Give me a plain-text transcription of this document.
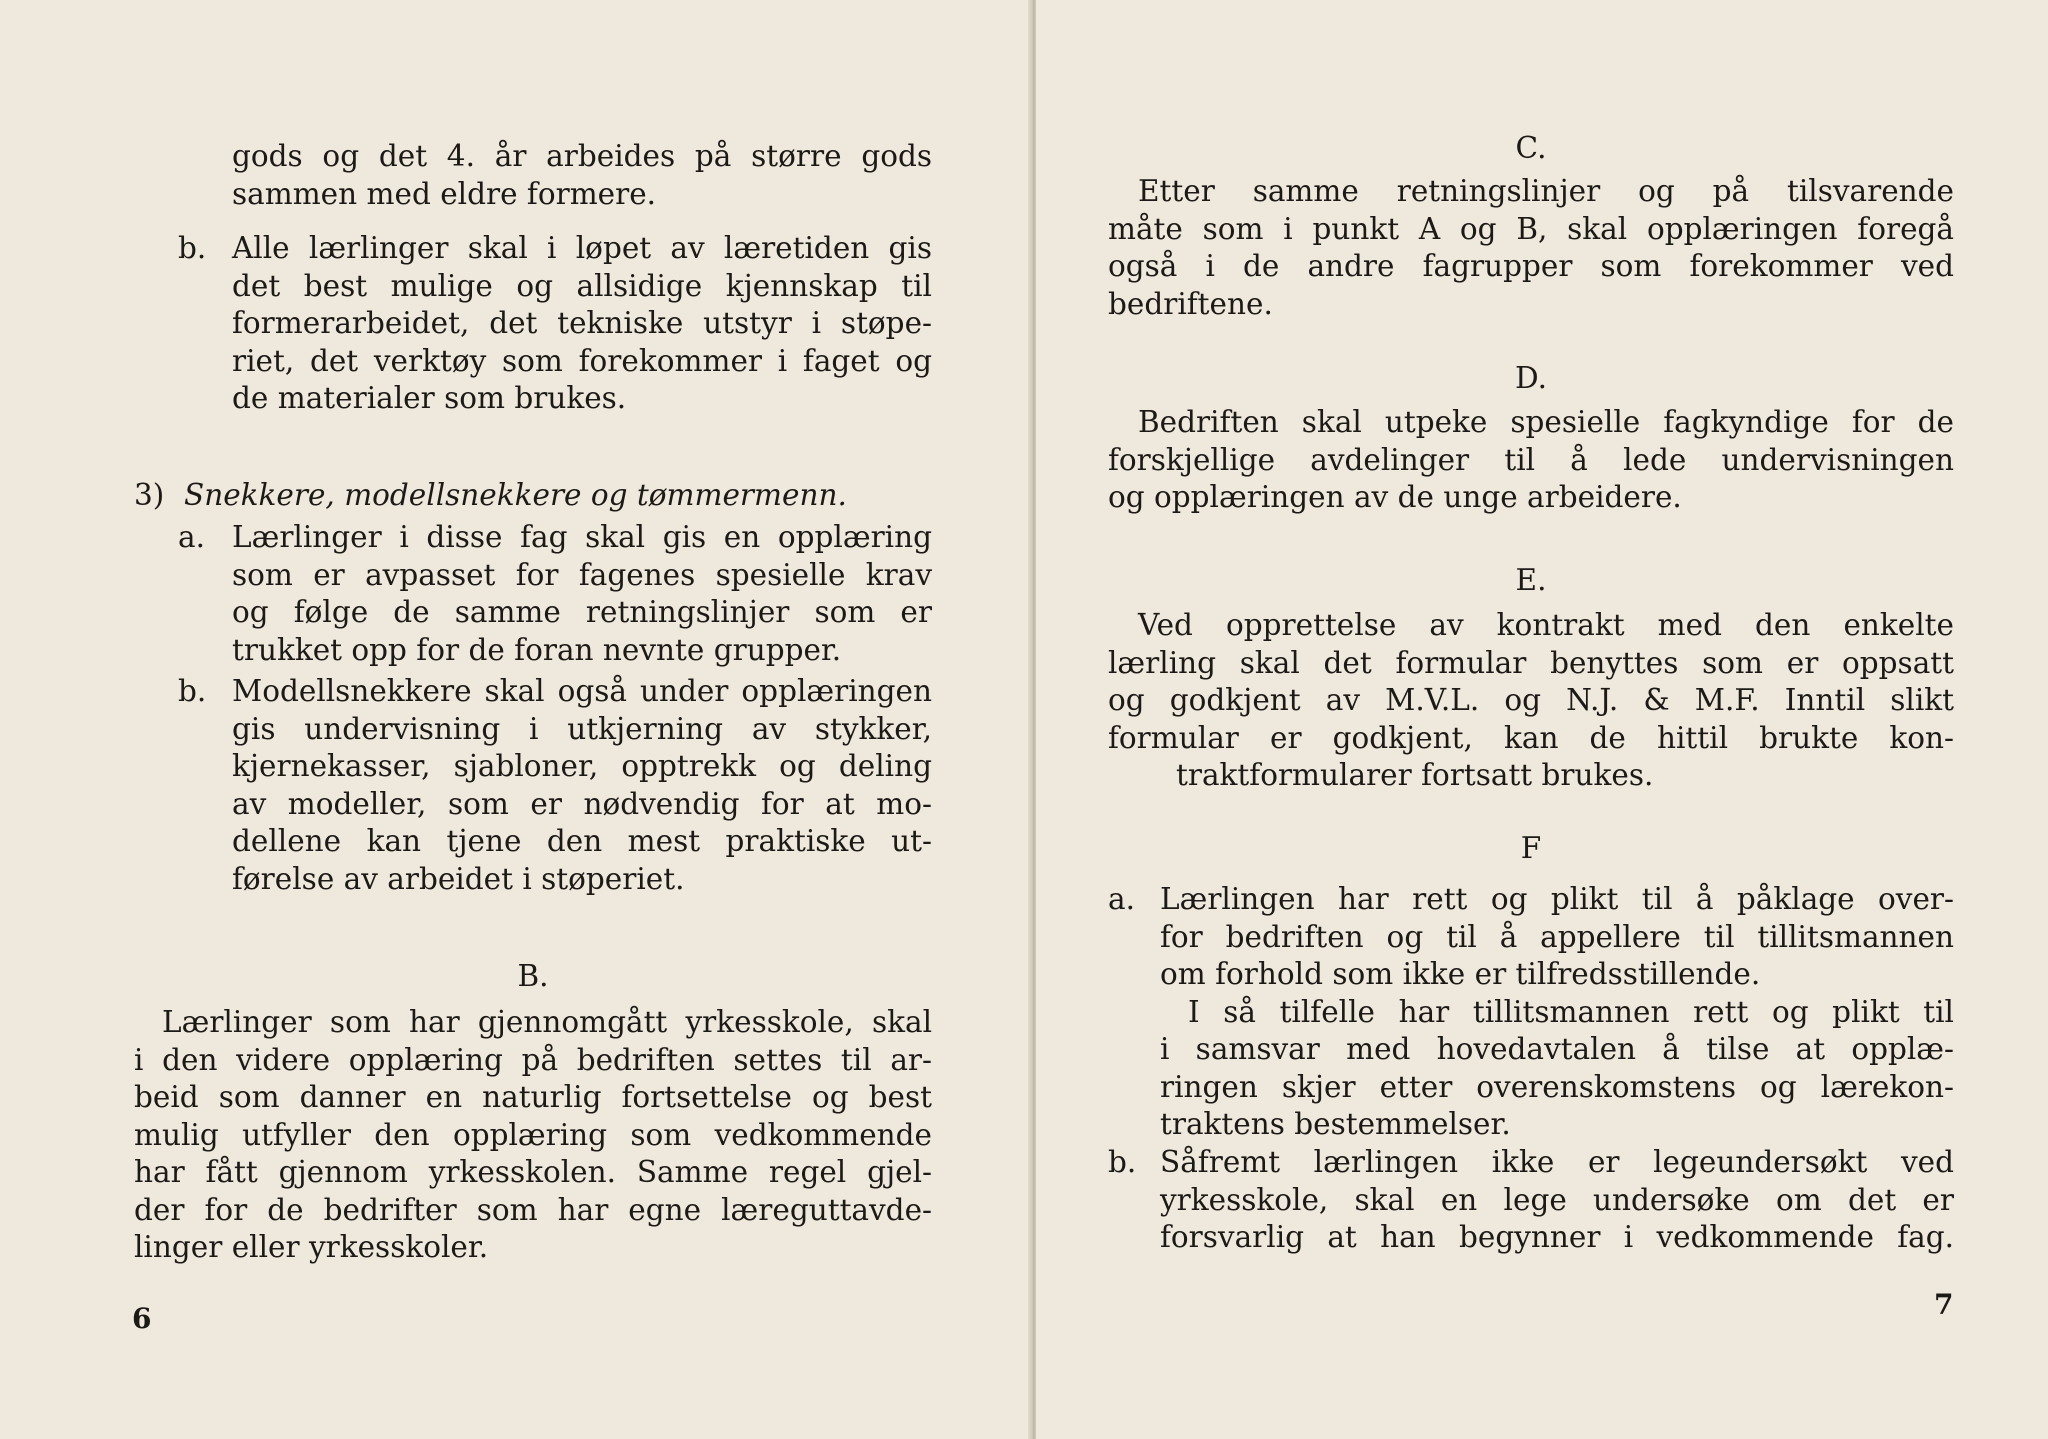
gods og det 4. år arbeides på større gods
sammen med eldre formere.
b. Alle lærlinger skal i løpet av læretiden gis
det best mulige og allsidige kjennskap til
formerarbeidet, det tekniske utstyr i støpe-
riet, det verktøy som forekommer i faget og
de materialer som brukes.
3) Snekkere, modellsnekkere og tømmermenn.
a. Lærlinger i disse fag skal gis en opplæring
som er avpasset for fagenes spesielle krav
og følge de samme retningslinjer som er
trukket opp for de foran nevnte grupper.
b. Modellsnekkere skal også under opplæringen
gis undervisning i utkjerning av stykker,
kjernekasser, sjabloner, opptrekk og deling
av modeller, som er nødvendig for at mo-
dellene kan tjene den mest praktiske ut-
førelse av arbeidet i støperiet.
B.
Lærlinger som har gjennomgått yrkesskole, skal
i den videre opplæring på bedriften settes til ar-
beid som danner en naturlig fortsettelse og best
mulig utfyller den opplæring som vedkommende
har fått gjennom yrkesskolen. Samme regel gjel-
der for de bedrifter som har egne læreguttavde-
linger eller yrkesskoler.
6
C.
Etter samme retningslinjer og på tilsvarende
måte som i punkt A og B, skal opplæringen foregå
også i de andre fagrupper som forekommer ved
bedriftene.
D.
Bedriften skal utpeke spesielle fagkyndige for de
forskjellige avdelinger til å lede undervisningen
og opplæringen av de unge arbeidere.
E.
Ved opprettelse av kontrakt med den enkelte
lærling skal det formular benyttes som er oppsatt
og godkjent av M.V.L. og N.J. & M.F. Inntil slikt
formular er godkjent, kan de hittil brukte kon-
traktformularer fortsatt brukes.
F
a. Lærlingen har rett og plikt til å påklage over-
for bedriften og til å appellere til tillitsmannen
om forhold som ikke er tilfredsstillende.
I så tilfelle har tillitsmannen rett og plikt til
i samsvar med hovedavtalen å tilse at opplæ-
ringen skjer etter overenskomstens og lærekon-
traktens bestemmelser.
b. Såfremt lærlingen ikke er legeundersøkt ved
yrkesskole, skal en lege undersøke om det er
forsvarlig at han begynner i vedkommende fag.
7
